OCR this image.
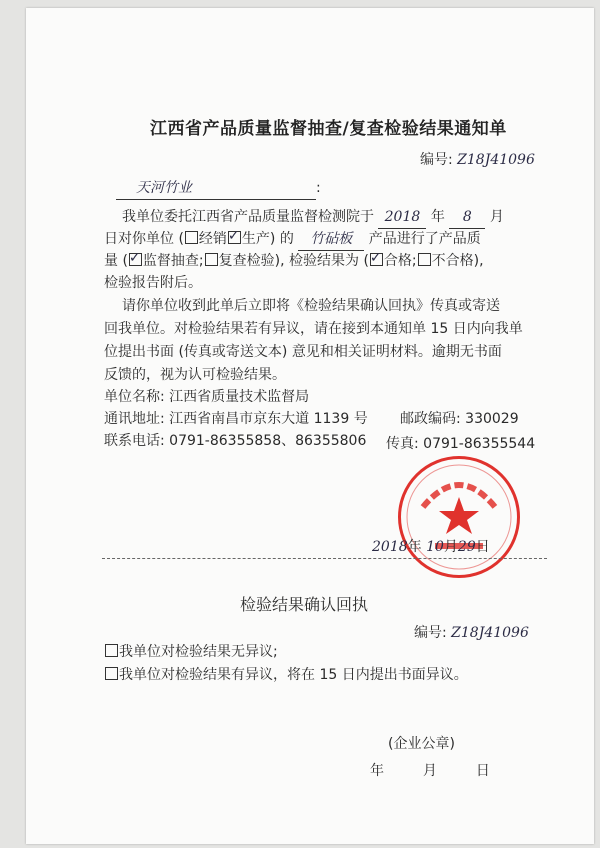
江西省产品质量监督抽查/复查检验结果通知单
编号: Z18J41096
天河竹业	:
我单位委托江西省产品质量监督检测院于 2018 年 8 月
日对你单位 ( 经销 ✓ 生产) 的 竹砧板 产品进行了产品质
量 ( ✓ 监督抽查; 复查检验), 检验结果为 ( ✓ 合格; 不合格),
检验报告附后。
请你单位收到此单后立即将《检验结果确认回执》传真或寄送
回我单位。对检验结果若有异议，请在接到本通知单 15 日内向我单
位提出书面 (传真或寄送文本) 意见和相关证明材料。逾期无书面
反馈的，视为认可检验结果。
单位名称: 江西省质量技术监督局
通讯地址: 江西省南昌市京东大道 1139 号 邮政编码: 330029
联系电话: 0791-86355858、86355806 传真: 0791-86355544
2018年 10月29日
检验结果确认回执
编号: Z18J41096
我单位对检验结果无异议;
我单位对检验结果有异议，将在 15 日内提出书面异议。
(企业公章)
年	月	日
